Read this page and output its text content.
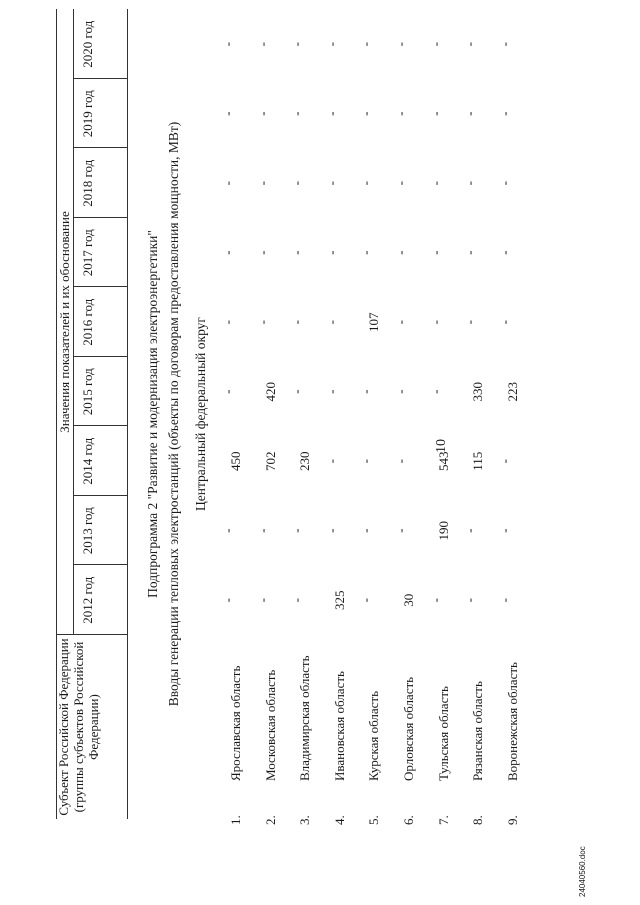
10
Субъект Российской Федерации (группы субъектов Российской Федерации)
Значения показателей и их обоснование
2012 год
2013 год
2014 год
2015 год
2016 год
2017 год
2018 год
2019 год
2020 год
Подпрограмма 2 "Развитие и модернизация электроэнергетики" Вводы генерации тепловых электростанций (объекты по договорам предоставления мощности, МВт) Центральный федеральный округ
1.
Ярославская область
-
-
450
-
-
-
-
-
-
2.
Московская область
-
-
702
420
-
-
-
-
-
3.
Владимирская область
-
-
230
-
-
-
-
-
-
4.
Ивановская область
325
-
-
-
-
-
-
-
-
5.
Курская область
-
-
-
-
107
-
-
-
-
6.
Орловская область
30
-
-
-
-
-
-
-
-
7.
Тульская область
-
190
543
-
-
-
-
-
-
8.
Рязанская область
-
-
115
330
-
-
-
-
-
9.
Воронежская область
-
-
-
223
-
-
-
-
-
24040560.doc
